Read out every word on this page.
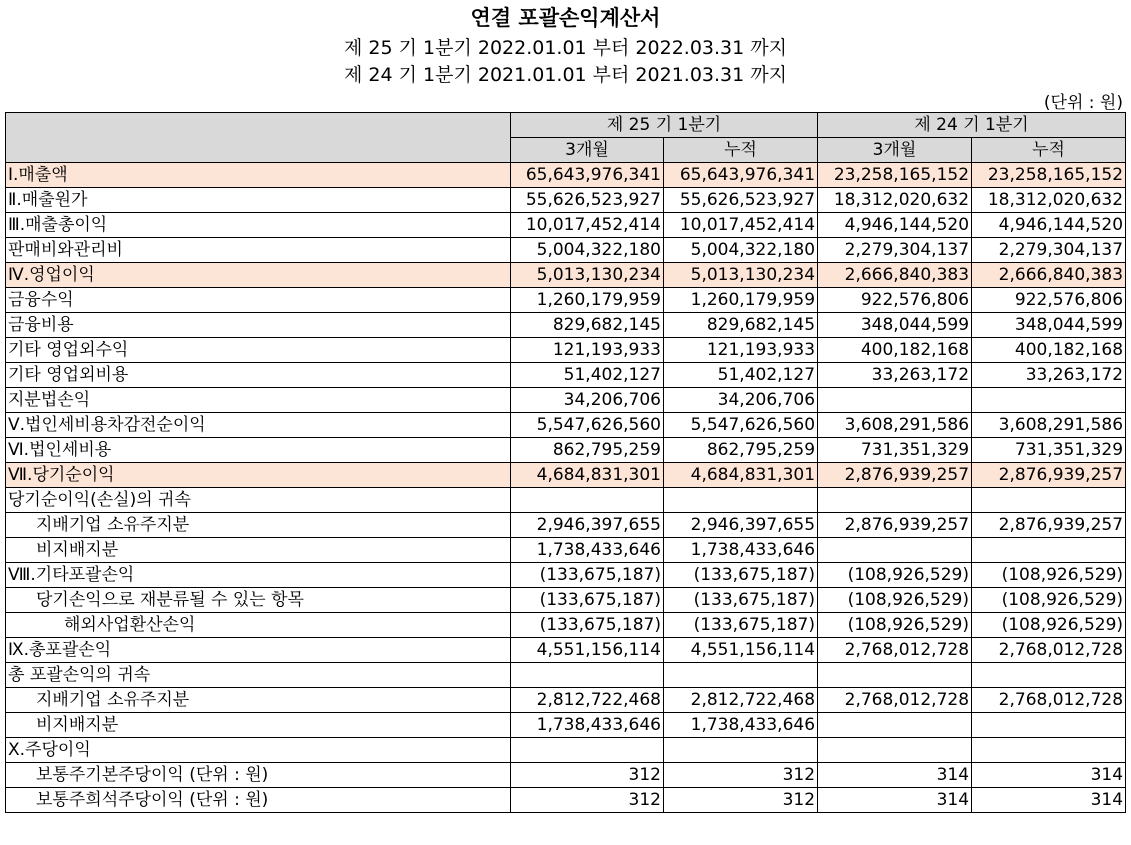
연결 포괄손익계산서
제 25 기 1분기 2022.01.01 부터 2022.03.31 까지
제 24 기 1분기 2021.01.01 부터 2021.03.31 까지
(단위 : 원)
	제 25 기 1분기		제 24 기 1분기	
	3개월	누적	3개월	누적
Ⅰ.매출액	65,643,976,341	65,643,976,341	23,258,165,152	23,258,165,152
Ⅱ.매출원가	55,626,523,927	55,626,523,927	18,312,020,632	18,312,020,632
Ⅲ.매출총이익	10,017,452,414	10,017,452,414	4,946,144,520	4,946,144,520
판매비와관리비	5,004,322,180	5,004,322,180	2,279,304,137	2,279,304,137
Ⅳ.영업이익	5,013,130,234	5,013,130,234	2,666,840,383	2,666,840,383
금융수익	1,260,179,959	1,260,179,959	922,576,806	922,576,806
금융비용	829,682,145	829,682,145	348,044,599	348,044,599
기타 영업외수익	121,193,933	121,193,933	400,182,168	400,182,168
기타 영업외비용	51,402,127	51,402,127	33,263,172	33,263,172
지분법손익	34,206,706	34,206,706		
Ⅴ.법인세비용차감전순이익	5,547,626,560	5,547,626,560	3,608,291,586	3,608,291,586
Ⅵ.법인세비용	862,795,259	862,795,259	731,351,329	731,351,329
Ⅶ.당기순이익	4,684,831,301	4,684,831,301	2,876,939,257	2,876,939,257
당기순이익(손실)의 귀속				
지배기업 소유주지분	2,946,397,655	2,946,397,655	2,876,939,257	2,876,939,257
비지배지분	1,738,433,646	1,738,433,646		
Ⅷ.기타포괄손익	(133,675,187)	(133,675,187)	(108,926,529)	(108,926,529)
당기손익으로 재분류될 수 있는 항목	(133,675,187)	(133,675,187)	(108,926,529)	(108,926,529)
해외사업환산손익	(133,675,187)	(133,675,187)	(108,926,529)	(108,926,529)
Ⅸ.총포괄손익	4,551,156,114	4,551,156,114	2,768,012,728	2,768,012,728
총 포괄손익의 귀속				
지배기업 소유주지분	2,812,722,468	2,812,722,468	2,768,012,728	2,768,012,728
비지배지분	1,738,433,646	1,738,433,646		
Ⅹ.주당이익				
보통주기본주당이익 (단위 : 원)	312	312	314	314
보통주희석주당이익 (단위 : 원)	312	312	314	314
